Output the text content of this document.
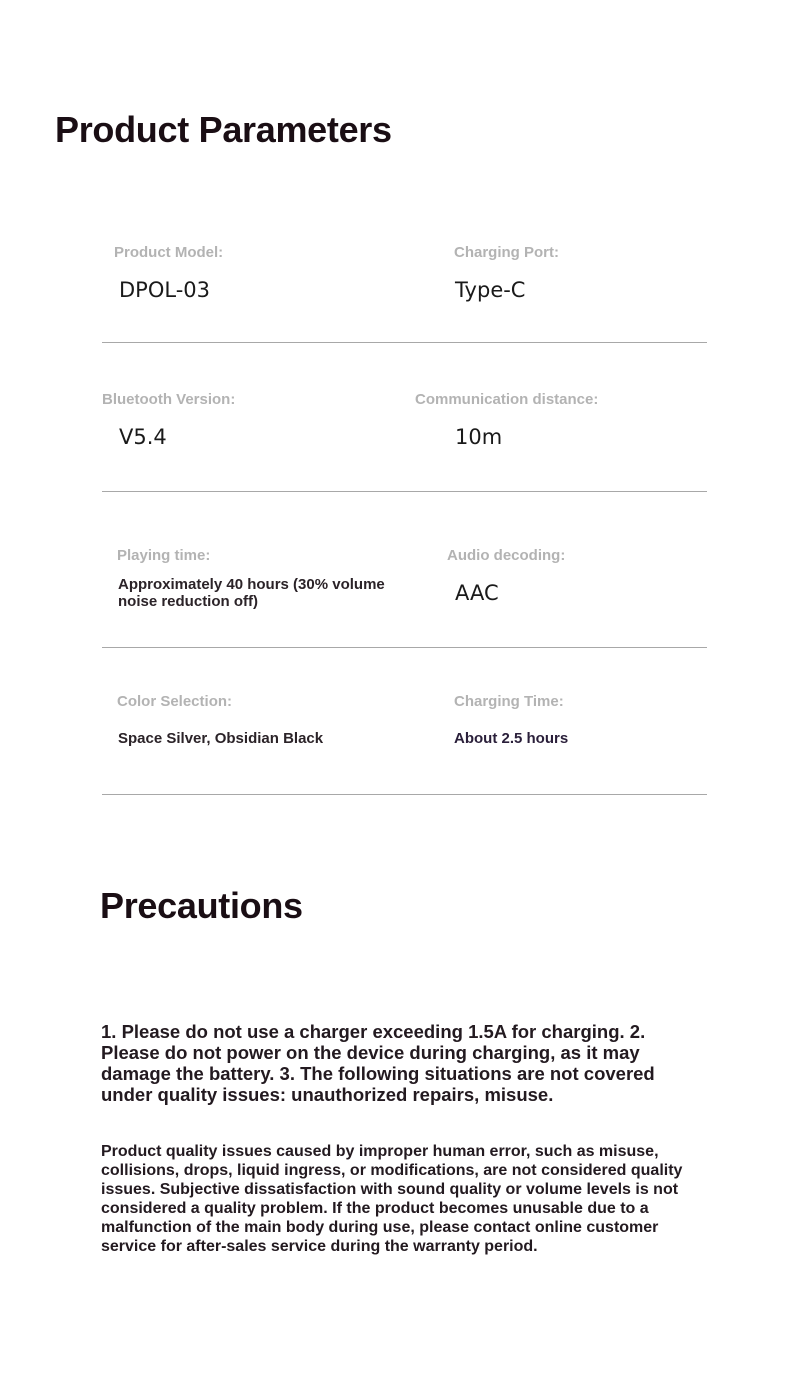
Product Parameters
Product Model:
DPOL-03
Charging Port:
Type-C
Bluetooth Version:
V5.4
Communication distance:
10m
Playing time:
Approximately 40 hours (30% volume noise reduction off)
Audio decoding:
AAC
Color Selection:
Space Silver, Obsidian Black
Charging Time:
About 2.5 hours
Precautions
1. Please do not use a charger exceeding 1.5A for charging. 2. Please do not power on the device during charging, as it may damage the battery. 3. The following situations are not covered under quality issues: unauthorized repairs, misuse.
Product quality issues caused by improper human error, such as misuse, collisions, drops, liquid ingress, or modifications, are not considered quality issues. Subjective dissatisfaction with sound quality or volume levels is not considered a quality problem. If the product becomes unusable due to a malfunction of the main body during use, please contact online customer service for after-sales service during the warranty period.
